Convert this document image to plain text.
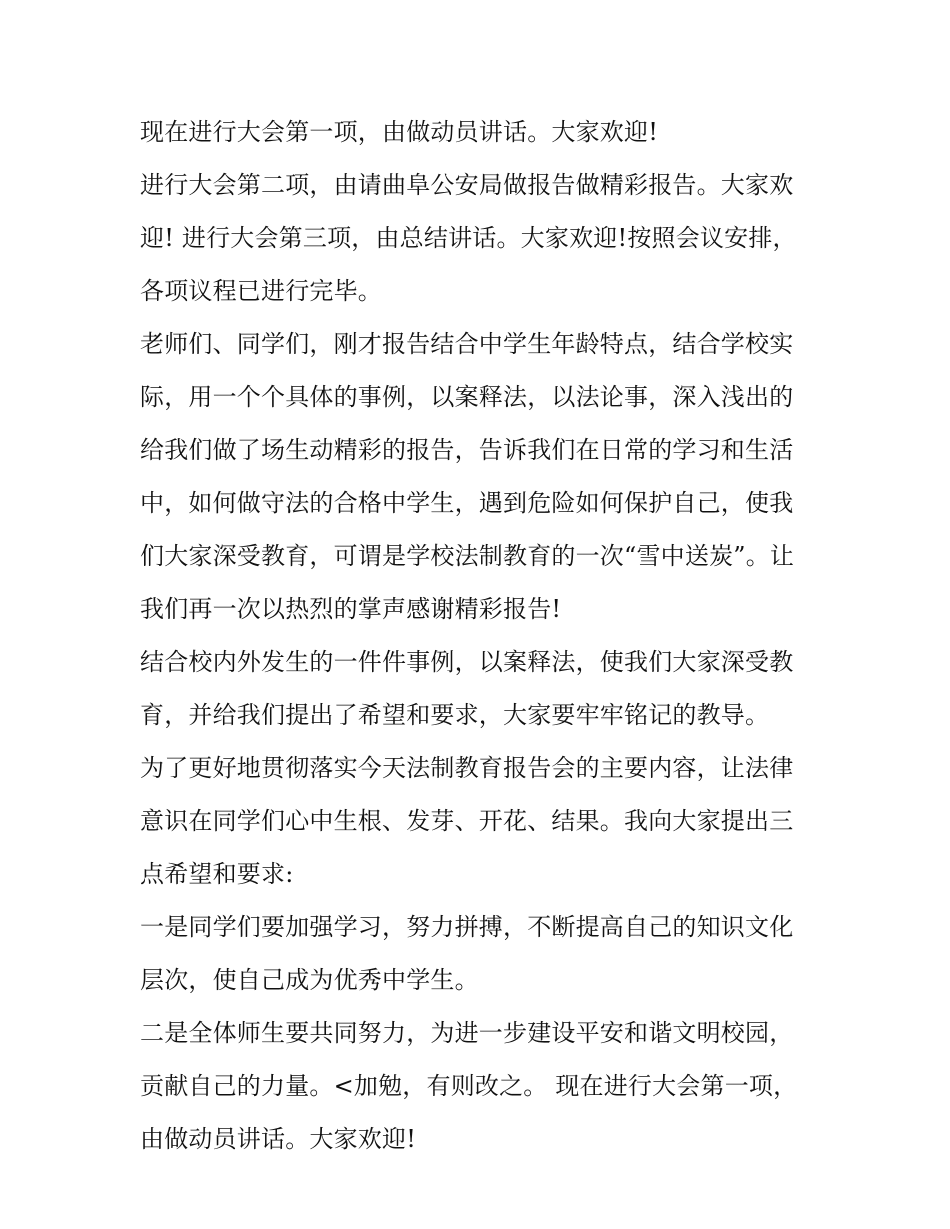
现在进行大会第一项，由做动员讲话。大家欢迎!
进行大会第二项，由请曲阜公安局做报告做精彩报告。大家欢
迎! 进行大会第三项，由总结讲话。大家欢迎!按照会议安排，
各项议程已进行完毕。
老师们、同学们，刚才报告结合中学生年龄特点，结合学校实
际，用一个个具体的事例，以案释法，以法论事，深入浅出的
给我们做了场生动精彩的报告，告诉我们在日常的学习和生活
中，如何做守法的合格中学生，遇到危险如何保护自己，使我
们大家深受教育，可谓是学校法制教育的一次“雪中送炭”。让
我们再一次以热烈的掌声感谢精彩报告!
结合校内外发生的一件件事例，以案释法，使我们大家深受教
育，并给我们提出了希望和要求，大家要牢牢铭记的教导。
为了更好地贯彻落实今天法制教育报告会的主要内容，让法律
意识在同学们心中生根、发芽、开花、结果。我向大家提出三
点希望和要求:
一是同学们要加强学习，努力拼搏，不断提高自己的知识文化
层次，使自己成为优秀中学生。
二是全体师生要共同努力，为进一步建设平安和谐文明校园，
贡献自己的力量。<加勉，有则改之。 现在进行大会第一项，
由做动员讲话。大家欢迎!
